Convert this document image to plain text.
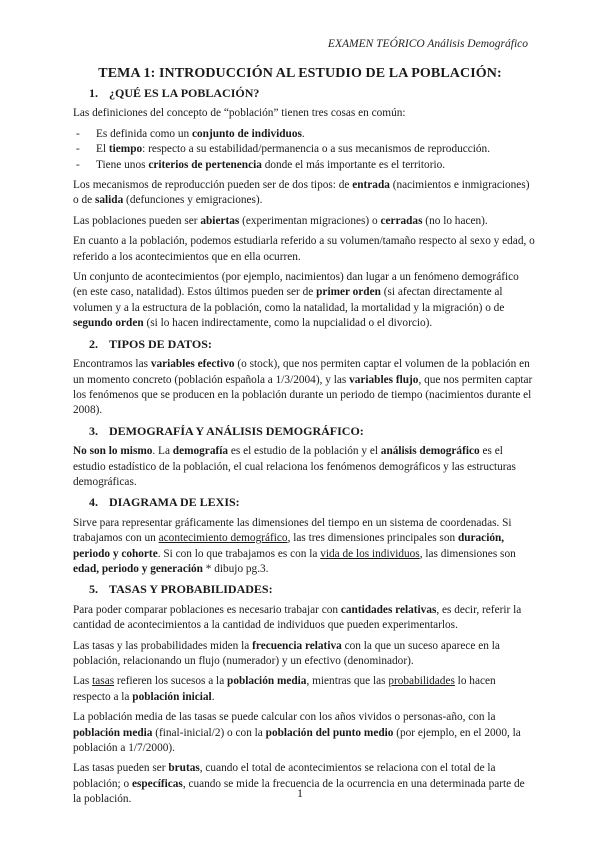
EXAMEN TEÓRICO Análisis Demográfico
TEMA 1: INTRODUCCIÓN AL ESTUDIO DE LA POBLACIÓN:
1. ¿QUÉ ES LA POBLACIÓN?

Las definiciones del concepto de “población” tienen tres cosas en común:

- Es definida como un conjunto de individuos.
- El tiempo: respecto a su estabilidad/permanencia o a sus mecanismos de reproducción.
- Tiene unos criterios de pertenencia donde el más importante es el territorio.

Los mecanismos de reproducción pueden ser de dos tipos: de entrada (nacimientos e inmigraciones) o de salida (defunciones y emigraciones).

Las poblaciones pueden ser abiertas (experimentan migraciones) o cerradas (no lo hacen).

En cuanto a la población, podemos estudiarla referido a su volumen/tamaño respecto al sexo y edad, o referido a los acontecimientos que en ella ocurren.

Un conjunto de acontecimientos (por ejemplo, nacimientos) dan lugar a un fenómeno demográfico (en este caso, natalidad). Estos últimos pueden ser de primer orden (si afectan directamente al volumen y a la estructura de la población, como la natalidad, la mortalidad y la migración) o de segundo orden (si lo hacen indirectamente, como la nupcialidad o el divorcio).

2. TIPOS DE DATOS:

Encontramos las variables efectivo (o stock), que nos permiten captar el volumen de la población en un momento concreto (población española a 1/3/2004), y las variables flujo, que nos permiten captar los fenómenos que se producen en la población durante un periodo de tiempo (nacimientos durante el 2008).

3. DEMOGRAFÍA Y ANÁLISIS DEMOGRÁFICO:

No son lo mismo. La demografía es el estudio de la población y el análisis demográfico es el estudio estadístico de la población, el cual relaciona los fenómenos demográficos y las estructuras demográficas.

4. DIAGRAMA DE LEXIS:

Sirve para representar gráficamente las dimensiones del tiempo en un sistema de coordenadas. Si trabajamos con un acontecimiento demográfico, las tres dimensiones principales son duración, periodo y cohorte. Si con lo que trabajamos es con la vida de los individuos, las dimensiones son edad, periodo y generación * dibujo pg.3.

5. TASAS Y PROBABILIDADES:

Para poder comparar poblaciones es necesario trabajar con cantidades relativas, es decir, referir la cantidad de acontecimientos a la cantidad de individuos que pueden experimentarlos.

Las tasas y las probabilidades miden la frecuencia relativa con la que un suceso aparece en la población, relacionando un flujo (numerador) y un efectivo (denominador).

Las tasas refieren los sucesos a la población media, mientras que las probabilidades lo hacen respecto a la población inicial.

La población media de las tasas se puede calcular con los años vividos o personas-año, con la población media (final-inicial/2) o con la población del punto medio (por ejemplo, en el 2000, la población a 1/7/2000).

Las tasas pueden ser brutas, cuando el total de acontecimientos se relaciona con el total de la población; o específicas, cuando se mide la frecuencia de la ocurrencia en una determinada parte de la población.	1
